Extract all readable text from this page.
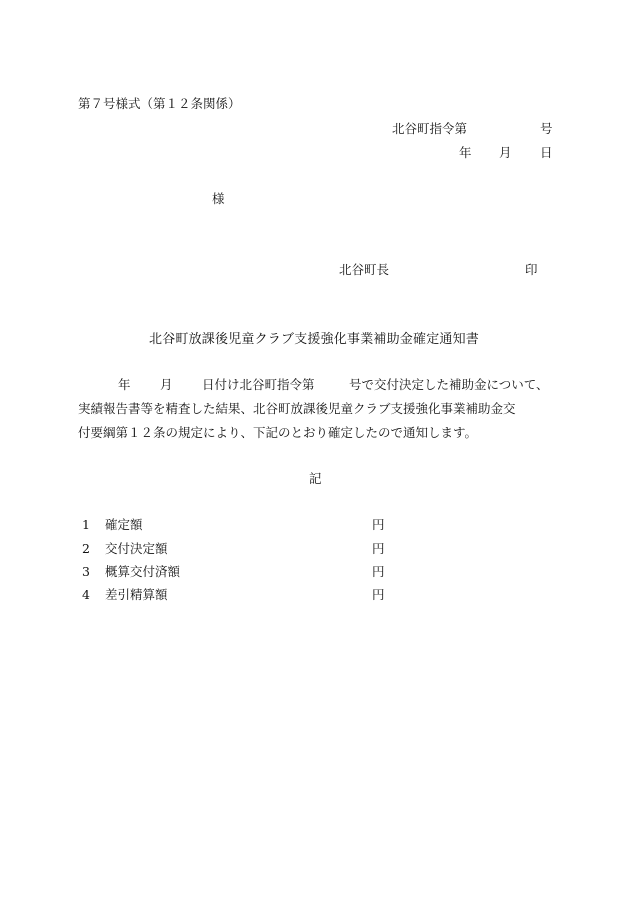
第７号様式（第１２条関係）
北谷町指令第	号
年 月 日
様
北谷町長	印
北谷町放課後児童クラブ支援強化事業補助金確定通知書
年 月 日付け北谷町指令第	号で交付決定した補助金について、
実績報告書等を精査した結果、北谷町放課後児童クラブ支援強化事業補助金交
付要綱第１２条の規定により、下記のとおり確定したので通知します。
記
1 確定額	円
2 交付決定額	円
3 概算交付済額	円
4 差引精算額	円
